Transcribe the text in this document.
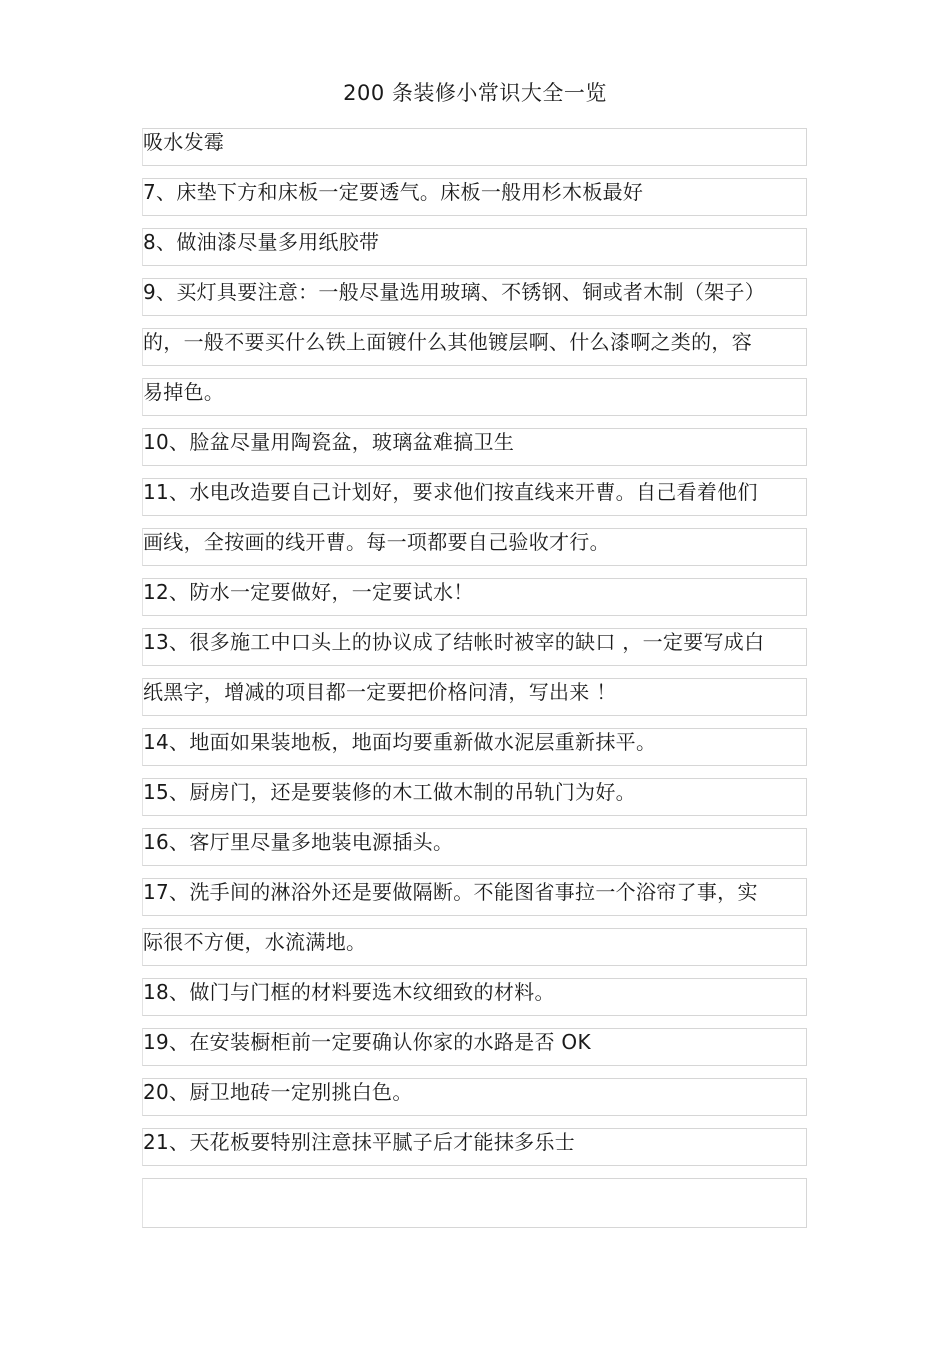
200 条装修小常识大全一览
吸水发霉
7、床垫下方和床板一定要透气。床板一般用杉木板最好
8、做油漆尽量多用纸胶带
9、买灯具要注意：一般尽量选用玻璃、不锈钢、铜或者木制（架子）
的，一般不要买什么铁上面镀什么其他镀层啊、什么漆啊之类的，容
易掉色。
10、脸盆尽量用陶瓷盆，玻璃盆难搞卫生
11、水电改造要自己计划好，要求他们按直线来开曹。自己看着他们
画线，全按画的线开曹。每一项都要自己验收才行。
12、防水一定要做好，一定要试水！
13、很多施工中口头上的协议成了结帐时被宰的缺口 ，一定要写成白
纸黑字，增减的项目都一定要把价格问清，写出来 ！
14、地面如果装地板，地面均要重新做水泥层重新抹平。
15、厨房门，还是要装修的木工做木制的吊轨门为好。
16、客厅里尽量多地装电源插头。
17、洗手间的淋浴外还是要做隔断。不能图省事拉一个浴帘了事，实
际很不方便，水流满地。
18、做门与门框的材料要选木纹细致的材料。
19、在安装橱柜前一定要确认你家的水路是否 OK
20、厨卫地砖一定别挑白色。
21、天花板要特别注意抹平腻子后才能抹多乐士
